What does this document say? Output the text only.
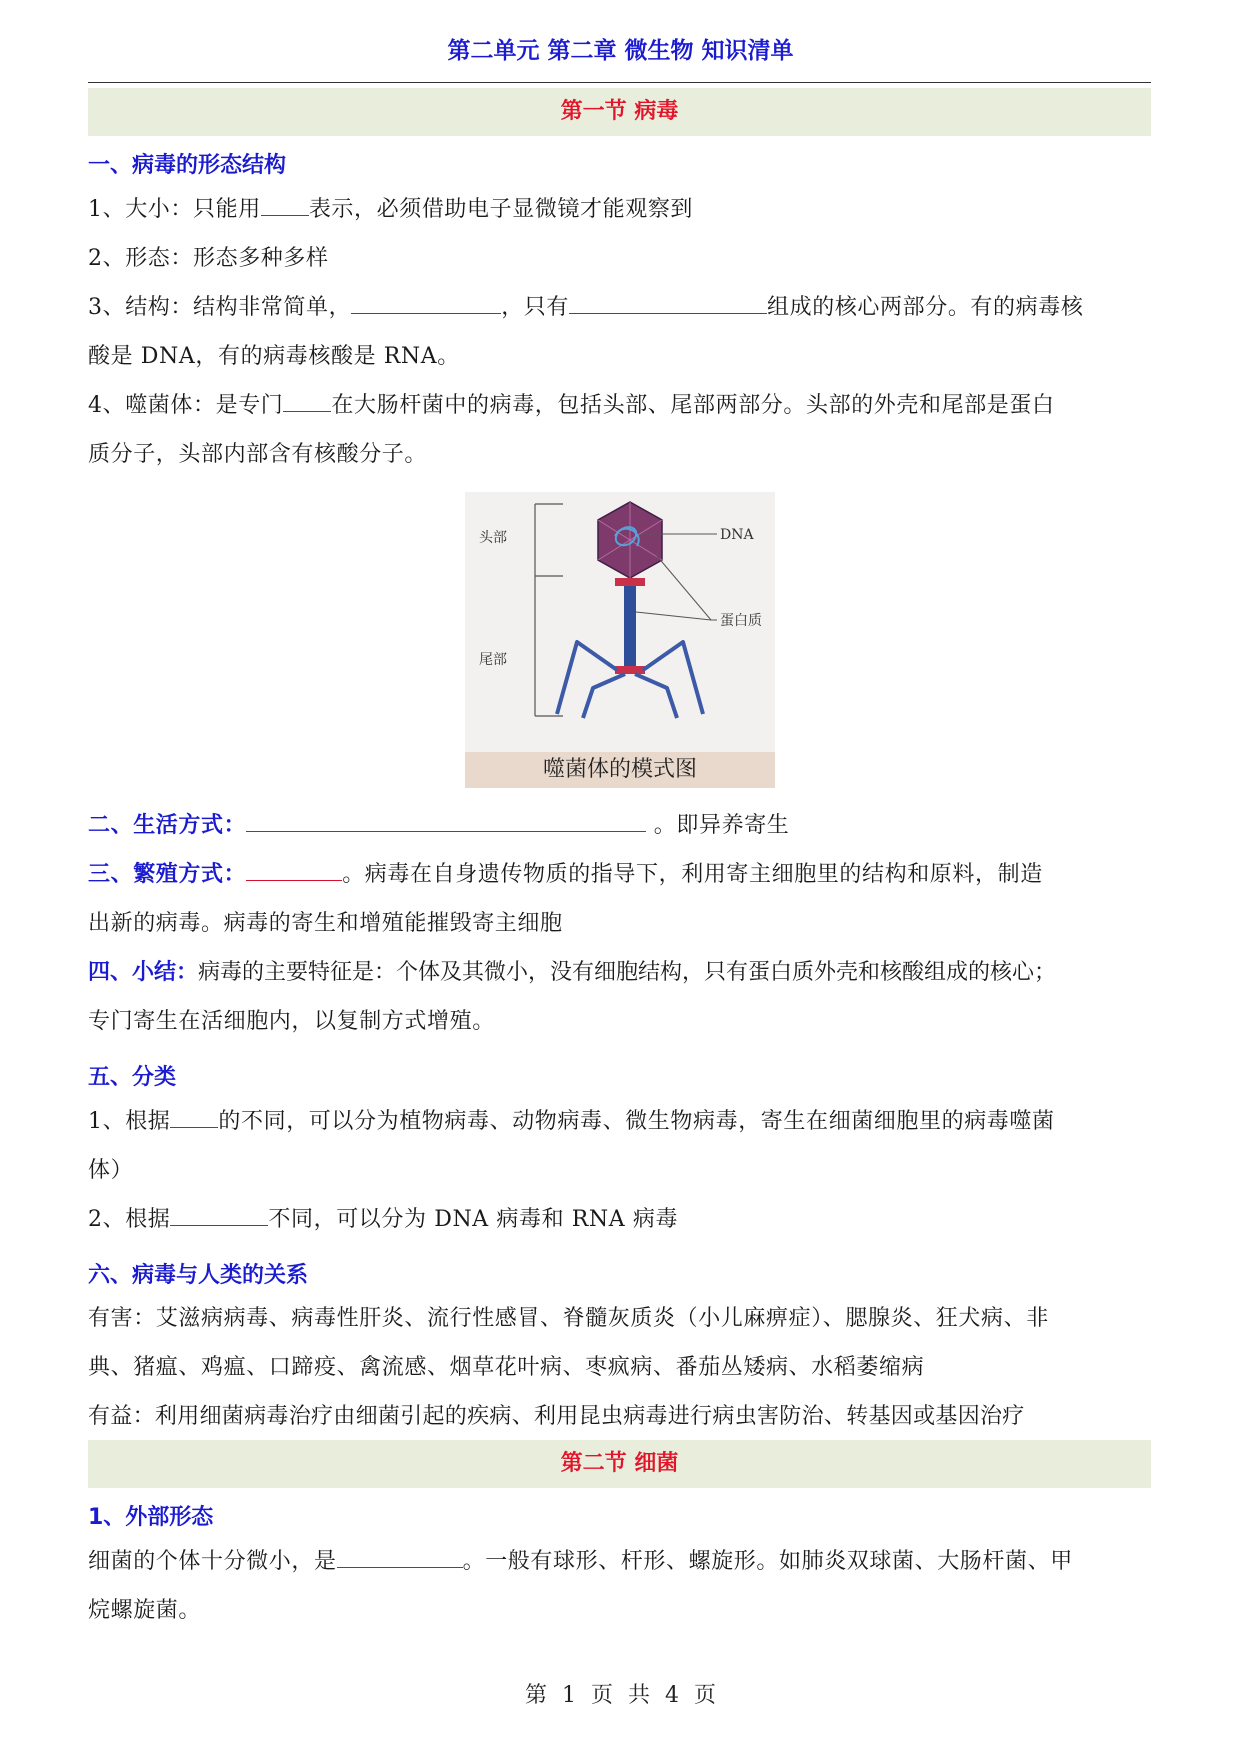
第二单元 第二章 微生物 知识清单
第一节 病毒
一、病毒的形态结构
1、大小：只能用 表示，必须借助电子显微镜才能观察到
2、形态：形态多种多样
3、结构：结构非常简单，	，只有	组成的核心两部分。有的病毒核
酸是 DNA，有的病毒核酸是 RNA。
4、噬菌体：是专门 在大肠杆菌中的病毒，包括头部、尾部两部分。头部的外壳和尾部是蛋白
质分子，头部内部含有核酸分子。
头部
尾部
DNA
蛋白质
噬菌体的模式图
二、生活方式：	。即异养寄生
三、繁殖方式：	。病毒在自身遗传物质的指导下，利用寄主细胞里的结构和原料，制造
出新的病毒。病毒的寄生和增殖能摧毁寄主细胞
四、小结：病毒的主要特征是：个体及其微小，没有细胞结构，只有蛋白质外壳和核酸组成的核心；
专门寄生在活细胞内，以复制方式增殖。
五、分类
1、根据 的不同，可以分为植物病毒、动物病毒、微生物病毒，寄生在细菌细胞里的病毒噬菌
体）
2、根据	不同，可以分为 DNA 病毒和 RNA 病毒
六、病毒与人类的关系
有害：艾滋病病毒、病毒性肝炎、流行性感冒、脊髓灰质炎（小儿麻痹症）、腮腺炎、狂犬病、非
典、猪瘟、鸡瘟、口蹄疫、禽流感、烟草花叶病、枣疯病、番茄丛矮病、水稻萎缩病
有益：利用细菌病毒治疗由细菌引起的疾病、利用昆虫病毒进行病虫害防治、转基因或基因治疗
第二节 细菌
1、外部形态
细菌的个体十分微小，是	。一般有球形、杆形、螺旋形。如肺炎双球菌、大肠杆菌、甲
烷螺旋菌。
第 1 页 共 4 页
